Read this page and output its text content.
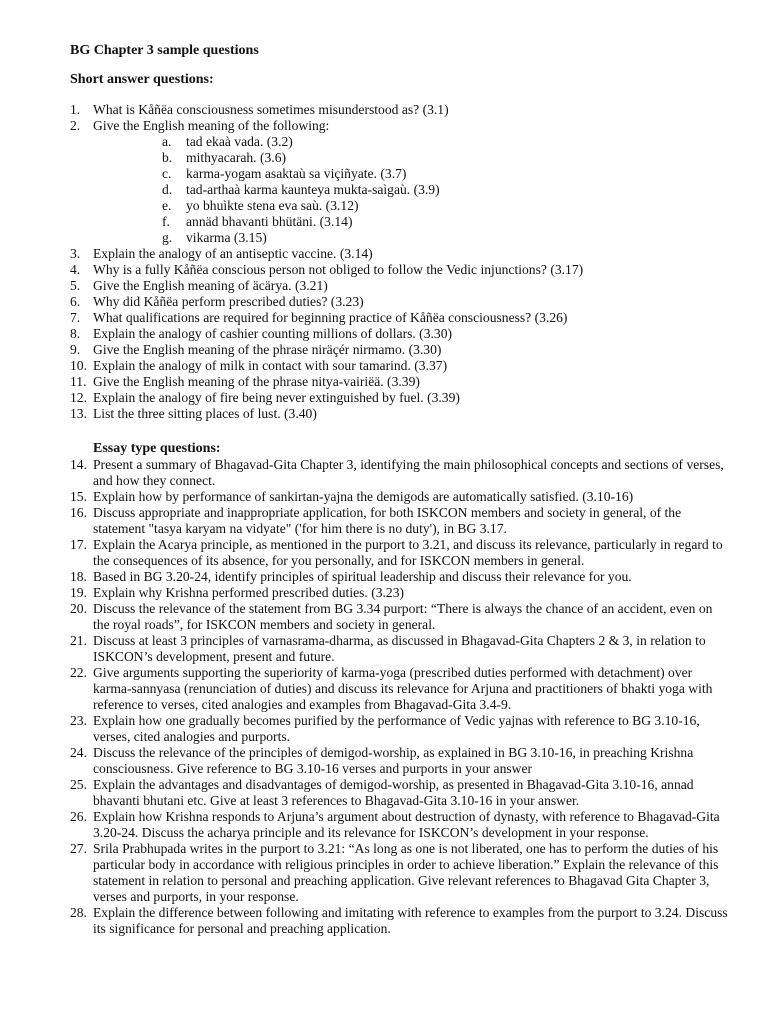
BG Chapter 3 sample questions
Short answer questions:
1. What is Kåñëa consciousness sometimes misunderstood as? (3.1)
2. Give the English meaning of the following:
a.	tad ekaà vada. (3.2)
b.	mithyacarah. (3.6)
c.	karma-yogam asaktaù sa viçiñyate. (3.7)
d.	tad-arthaà karma kaunteya mukta-saìgaù. (3.9)
e.	yo bhuìkte stena eva saù. (3.12)
f.	annäd bhavanti bhütäni. (3.14)
g.	vikarma (3.15)
3. Explain the analogy of an antiseptic vaccine. (3.14)
4. Why is a fully Kåñëa conscious person not obliged to follow the Vedic injunctions? (3.17)
5. Give the English meaning of äcärya. (3.21)
6. Why did Kåñëa perform prescribed duties? (3.23)
7. What qualifications are required for beginning practice of Kåñëa consciousness? (3.26)
8. Explain the analogy of cashier counting millions of dollars. (3.30)
9. Give the English meaning of the phrase niräçér nirmamo. (3.30)
10. Explain the analogy of milk in contact with sour tamarind. (3.37)
11. Give the English meaning of the phrase nitya-vairiëä. (3.39)
12. Explain the analogy of fire being never extinguished by fuel. (3.39)
13. List the three sitting places of lust. (3.40)
Essay type questions:
14. Present a summary of Bhagavad-Gita Chapter 3, identifying the main philosophical concepts and sections of verses, and how they connect.
15. Explain how by performance of sankirtan-yajna the demigods are automatically satisfied. (3.10-16)
16. Discuss appropriate and inappropriate application, for both ISKCON members and society in general, of the statement "tasya karyam na vidyate" ('for him there is no duty'), in BG 3.17.
17. Explain the Acarya principle, as mentioned in the purport to 3.21, and discuss its relevance, particularly in regard to the consequences of its absence, for you personally, and for ISKCON members in general.
18. Based in BG 3.20-24, identify principles of spiritual leadership and discuss their relevance for you.
19. Explain why Krishna performed prescribed duties. (3.23)
20. Discuss the relevance of the statement from BG 3.34 purport: “There is always the chance of an accident, even on the royal roads”, for ISKCON members and society in general.
21. Discuss at least 3 principles of varnasrama-dharma, as discussed in Bhagavad-Gita Chapters 2 & 3, in relation to ISKCON’s development, present and future.
22. Give arguments supporting the superiority of karma-yoga (prescribed duties performed with detachment) over karma-sannyasa (renunciation of duties) and discuss its relevance for Arjuna and practitioners of bhakti yoga with reference to verses, cited analogies and examples from Bhagavad-Gita 3.4-9.
23. Explain how one gradually becomes purified by the performance of Vedic yajnas with reference to BG 3.10-16, verses, cited analogies and purports.
24. Discuss the relevance of the principles of demigod-worship, as explained in BG 3.10-16, in preaching Krishna consciousness. Give reference to BG 3.10-16 verses and purports in your answer
25. Explain the advantages and disadvantages of demigod-worship, as presented in Bhagavad-Gita 3.10-16, annad bhavanti bhutani etc. Give at least 3 references to Bhagavad-Gita 3.10-16 in your answer.
26. Explain how Krishna responds to Arjuna’s argument about destruction of dynasty, with reference to Bhagavad-Gita 3.20-24. Discuss the acharya principle and its relevance for ISKCON’s development in your response.
27. Srila Prabhupada writes in the purport to 3.21: “As long as one is not liberated, one has to perform the duties of his particular body in accordance with religious principles in order to achieve liberation.” Explain the relevance of this statement in relation to personal and preaching application. Give relevant references to Bhagavad Gita Chapter 3, verses and purports, in your response.
28. Explain the difference between following and imitating with reference to examples from the purport to 3.24. Discuss its significance for personal and preaching application.
